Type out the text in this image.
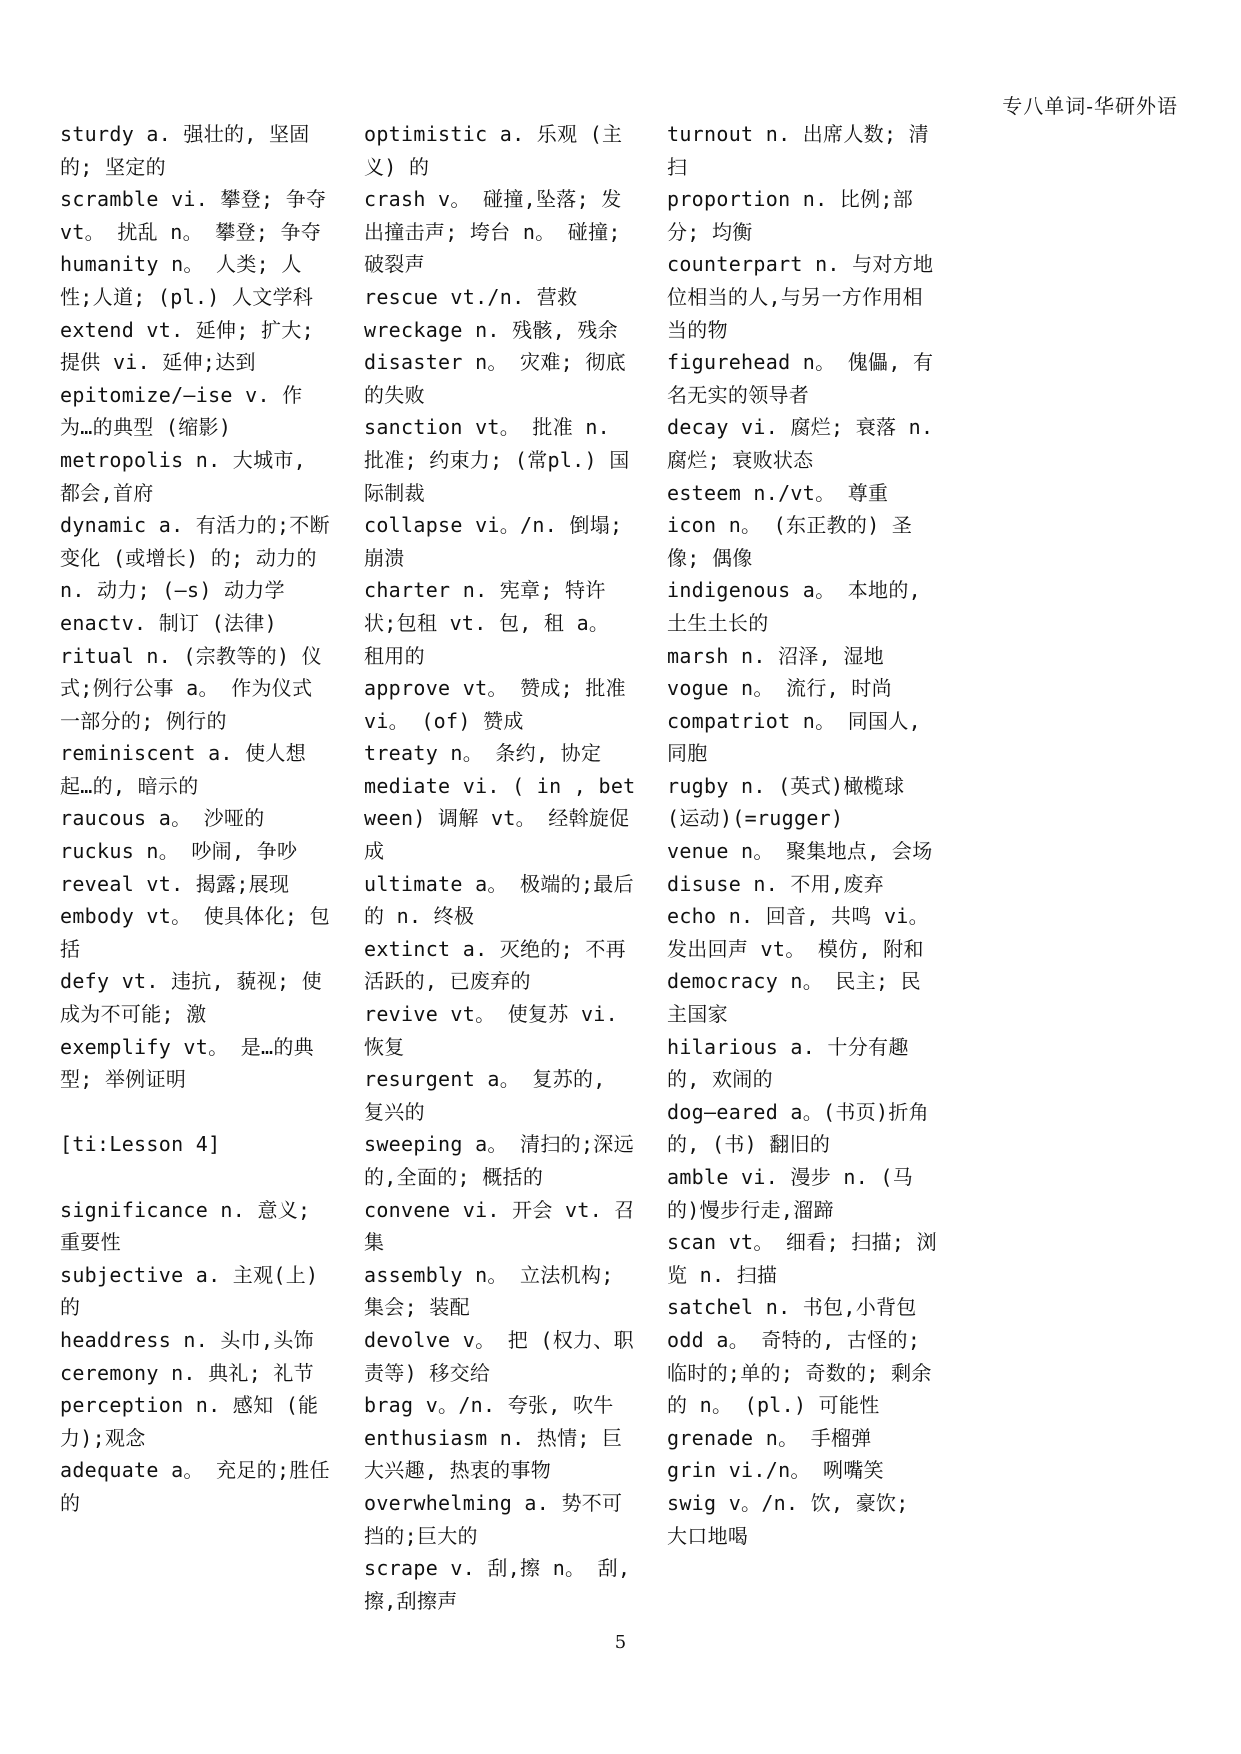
专八单词-华研外语

sturdy a. 强壮的, 坚固的; 坚定的

scramble vi. 攀登; 争夺 vt。 扰乱 n。 攀登; 争夺

humanity n。 人类; 人性;人道; (pl.) 人文学科

extend vt. 延伸; 扩大; 提供 vi. 延伸;达到

epitomize/—ise v. 作为…的典型 (缩影)

metropolis n. 大城市, 都会,首府

dynamic a. 有活力的;不断变化 (或增长) 的; 动力的

n. 动力; (—s) 动力学

enactv. 制订 (法律)

ritual n. (宗教等的) 仪式;例行公事 a。 作为仪式一部分的; 例行的

reminiscent a. 使人想起…的, 暗示的

raucous a。 沙哑的

ruckus n。 吵闹, 争吵

reveal vt. 揭露;展现

embody vt。 使具体化; 包括

defy vt. 违抗, 藐视; 使成为不可能; 激

exemplify vt。 是…的典型; 举例证明

[ti:Lesson 4]

significance n. 意义; 重要性

subjective a. 主观(上)的

headdress n. 头巾,头饰

ceremony n. 典礼; 礼节

perception n. 感知 (能力);观念

adequate a。 充足的;胜任的

optimistic a. 乐观 (主义) 的

crash v。 碰撞,坠落; 发出撞击声; 垮台 n。 碰撞; 破裂声

rescue vt./n. 营救

wreckage n. 残骸, 残余

disaster n。 灾难; 彻底的失败

sanction vt。 批准 n. 批准; 约束力; (常pl.) 国际制裁

collapse vi。/n. 倒塌; 崩溃

charter n. 宪章; 特许状;包租 vt. 包, 租 a。 租用的

approve vt。 赞成; 批准 vi。 (of) 赞成

treaty n。 条约, 协定

mediate vi. ( in , between) 调解 vt。 经斡旋促成

ultimate a。 极端的;最后的 n. 终极

extinct a. 灭绝的; 不再活跃的, 已废弃的

revive vt。 使复苏 vi. 恢复

resurgent a。 复苏的, 复兴的

sweeping a。 清扫的;深远的,全面的; 概括的

convene vi. 开会 vt. 召集

assembly n。 立法机构; 集会; 装配

devolve v。 把 (权力、职责等) 移交给

brag v。/n. 夸张, 吹牛

enthusiasm n. 热情; 巨大兴趣, 热衷的事物

overwhelming a. 势不可挡的;巨大的

scrape v. 刮,擦 n。 刮, 擦,刮擦声

turnout n. 出席人数; 清扫

proportion n. 比例;部分; 均衡

counterpart n. 与对方地位相当的人,与另一方作用相当的物

figurehead n。 傀儡, 有名无实的领导者

decay vi. 腐烂; 衰落 n. 腐烂; 衰败状态

esteem n./vt。 尊重

icon n。 (东正教的) 圣像; 偶像

indigenous a。 本地的, 土生土长的

marsh n. 沼泽, 湿地

vogue n。 流行, 时尚

compatriot n。 同国人, 同胞

rugby n. (英式)橄榄球 (运动)(=rugger)

venue n。 聚集地点, 会场

disuse n. 不用,废弃

echo n. 回音, 共鸣 vi。 发出回声 vt。 模仿, 附和

democracy n。 民主; 民主国家

hilarious a. 十分有趣的, 欢闹的

dog—eared a。(书页)折角的, (书) 翻旧的

amble vi. 漫步 n. (马的)慢步行走,溜蹄

scan vt。 细看; 扫描; 浏览 n. 扫描

satchel n. 书包,小背包

odd a。 奇特的, 古怪的; 临时的;单的; 奇数的; 剩余的 n。 (pl.) 可能性

grenade n。 手榴弹

grin vi./n。 咧嘴笑

swig v。/n. 饮, 豪饮; 大口地喝

5
